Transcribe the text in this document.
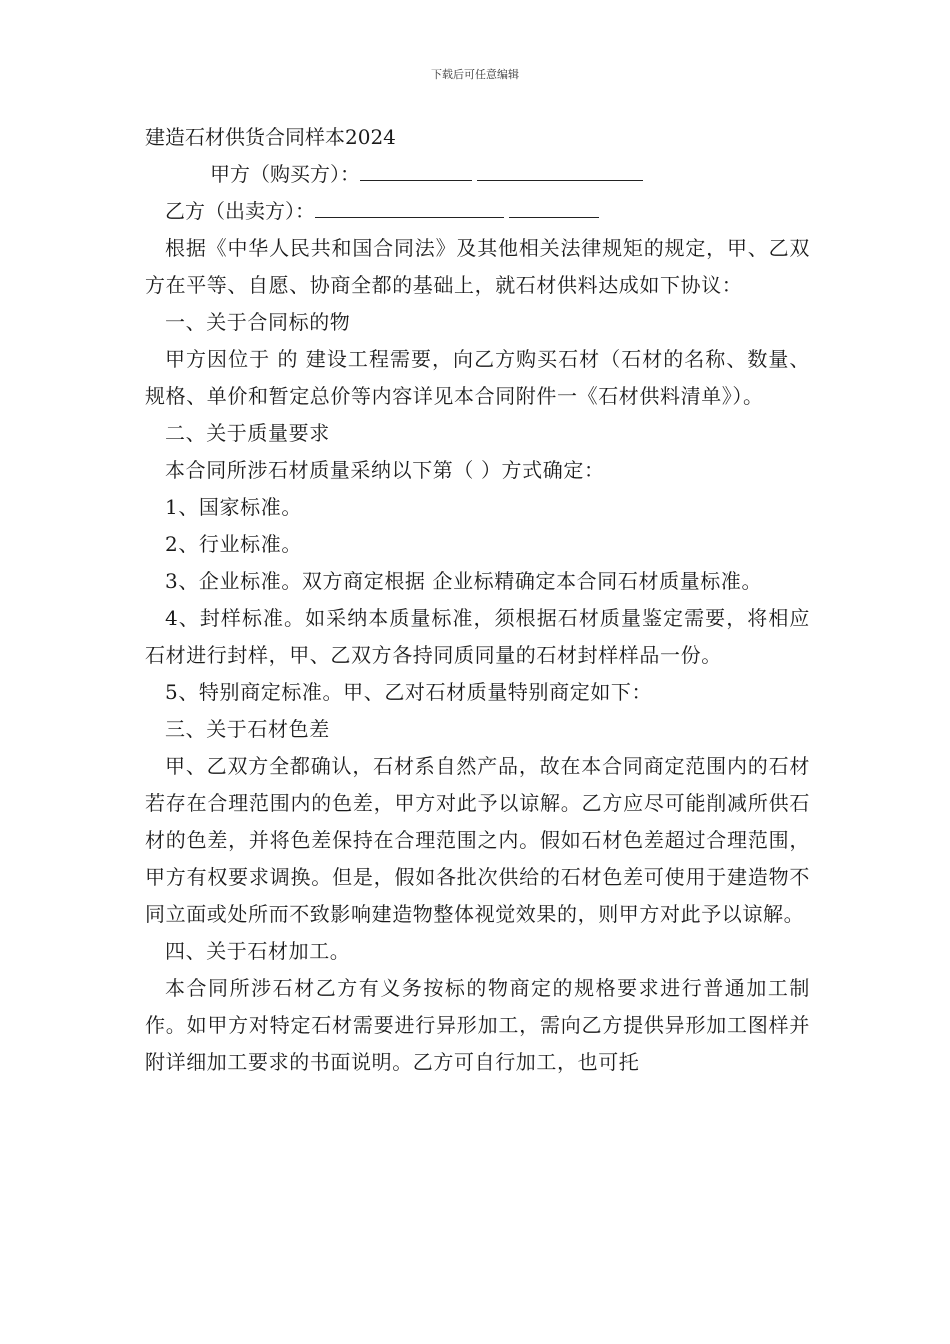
下载后可任意编辑
建造石材供货合同样本2024
甲方（购买方）：
乙方（出卖方）：
根据《中华人民共和国合同法》及其他相关法律规矩的规定，甲、乙双方在平等、自愿、协商全都的基础上，就石材供料达成如下协议：
一、关于合同标的物
甲方因位于 的 建设工程需要，向乙方购买石材（石材的名称、数量、规格、单价和暂定总价等内容详见本合同附件一《石材供料清单》）。
二、关于质量要求
本合同所涉石材质量采纳以下第（ ）方式确定：
1、国家标准。
2、行业标准。
3、企业标准。双方商定根据 企业标精确定本合同石材质量标准。
4、封样标准。如采纳本质量标准，须根据石材质量鉴定需要，将相应石材进行封样，甲、乙双方各持同质同量的石材封样样品一份。
5、特别商定标准。甲、乙对石材质量特别商定如下：
三、关于石材色差
甲、乙双方全都确认，石材系自然产品，故在本合同商定范围内的石材若存在合理范围内的色差，甲方对此予以谅解。乙方应尽可能削减所供石材的色差，并将色差保持在合理范围之内。假如石材色差超过合理范围，甲方有权要求调换。但是，假如各批次供给的石材色差可使用于建造物不同立面或处所而不致影响建造物整体视觉效果的，则甲方对此予以谅解。
四、关于石材加工。
本合同所涉石材乙方有义务按标的物商定的规格要求进行普通加工制作。如甲方对特定石材需要进行异形加工，需向乙方提供异形加工图样并附详细加工要求的书面说明。乙方可自行加工，也可托
